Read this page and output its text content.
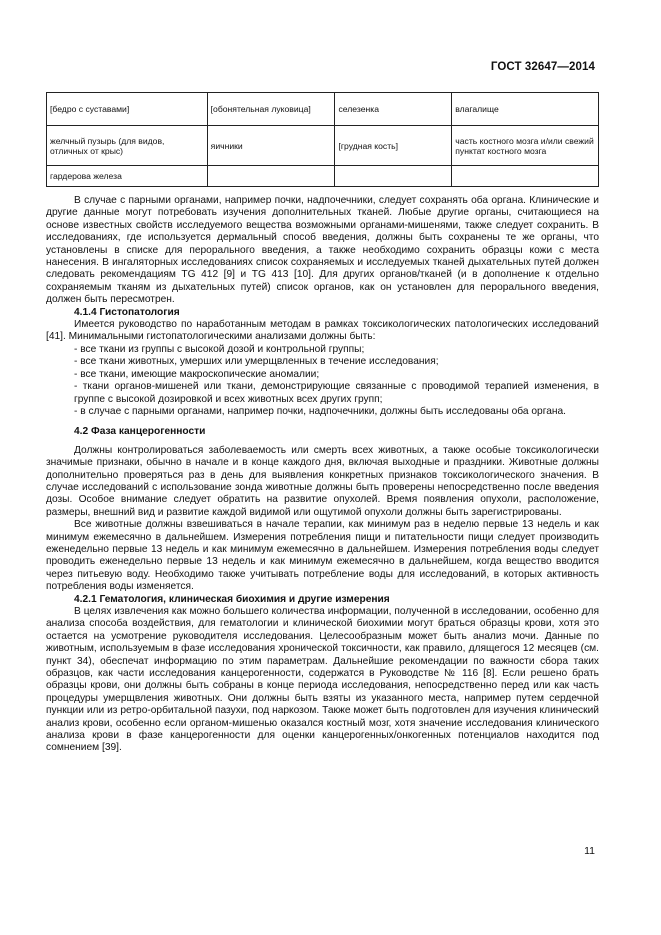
ГОСТ 32647—2014
[бедро с суставами]	[обонятельная луковица]	селезенка	влагалище
желчный пузырь (для видов, отличных от крыс)	яичники	[грудная кость]	часть костного мозга и/или свежий пунктат костного мозга
гардерова железа			

В случае с парными органами, например почки, надпочечники, следует сохранять оба органа. Клинические и другие данные могут потребовать изучения дополнительных тканей. Любые другие органы, считающиеся на основе известных свойств исследуемого вещества возможными органами-мишенями, также следует сохранить. В исследованиях, где используется дермальный способ введения, должны быть сохранены те же органы, что установлены в списке для перорального введения, а также необходимо сохранить образцы кожи с места нанесения. В ингаляторных исследованиях список сохраняемых и исследуемых тканей дыхательных путей должен следовать рекомендациям TG 412 [9] и TG 413 [10]. Для других органов/тканей (и в дополнение к отдельно сохраняемым тканям из дыхательных путей) список органов, как он установлен для перорального введения, должен быть пересмотрен.

4.1.4 Гистопатология

Имеется руководство по наработанным методам в рамках токсикологических патологических исследований [41]. Минимальными гистопатологическими анализами должны быть:

- все ткани из группы с высокой дозой и контрольной группы;

- все ткани животных, умерших или умерщвленных в течение исследования;

- все ткани, имеющие макроскопические аномалии;

- ткани органов-мишеней или ткани, демонстрирующие связанные с проводимой терапией изменения, в группе с высокой дозировкой и всех животных всех других групп;

- в случае с парными органами, например почки, надпочечники, должны быть исследованы оба органа.

4.2 Фаза канцерогенности

Должны контролироваться заболеваемость или смерть всех животных, а также особые токсикологически значимые признаки, обычно в начале и в конце каждого дня, включая выходные и праздники. Животные должны дополнительно проверяться раз в день для выявления конкретных признаков токсикологического значения. В случае исследований с использование зонда животные должны быть проверены непосредственно после введения дозы. Особое внимание следует обратить на развитие опухолей. Время появления опухоли, расположение, размеры, внешний вид и развитие каждой видимой или ощутимой опухоли должны быть зарегистрированы.

Все животные должны взвешиваться в начале терапии, как минимум раз в неделю первые 13 недель и как минимум ежемесячно в дальнейшем. Измерения потребления пищи и питательности пищи следует производить еженедельно первые 13 недель и как минимум ежемесячно в дальнейшем. Измерения потребления воды следует проводить еженедельно первые 13 недель и как минимум ежемесячно в дальнейшем, когда вещество вводится через питьевую воду. Необходимо также учитывать потребление воды для исследований, в которых активность потребления воды изменяется.

4.2.1 Гематология, клиническая биохимия и другие измерения

В целях извлечения как можно большего количества информации, полученной в исследовании, особенно для анализа способа воздействия, для гематологии и клинической биохимии могут браться образцы крови, хотя это остается на усмотрение руководителя исследования. Целесообразным может быть анализ мочи. Данные по животным, используемым в фазе исследования хронической токсичности, как правило, длящегося 12 месяцев (см. пункт 34), обеспечат информацию по этим параметрам. Дальнейшие рекомендации по важности сбора таких образцов, как части исследования канцерогенности, содержатся в Руководстве № 116 [8]. Если решено брать образцы крови, они должны быть собраны в конце периода исследования, непосредственно перед или как часть процедуры умерщвления животных. Они должны быть взяты из указанного места, например путем сердечной пункции или из ретро-орбитальной пазухи, под наркозом. Также может быть подготовлен для изучения клинический анализ крови, особенно если органом-мишенью оказался костный мозг, хотя значение исследования клинического анализа крови в фазе канцерогенности для оценки канцерогенных/онкогенных потенциалов находится под сомнением [39].

11
